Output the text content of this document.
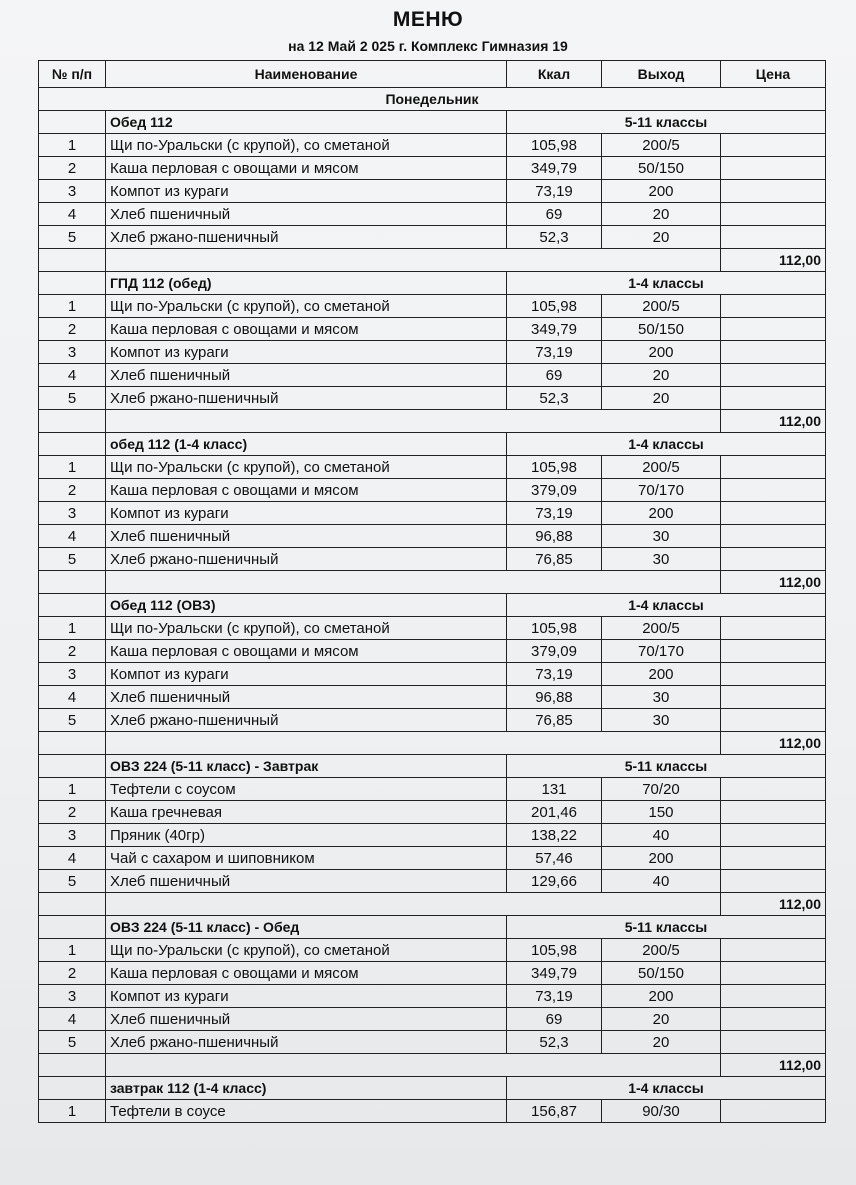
МЕНЮ
на 12 Май 2 025 г. Комплекс Гимназия 19
№ п/п	Наименование	Ккал	Выход	Цена
Понедельник				
	Обед 112	5-11 классы		
1	Щи по-Уральски (с крупой), со сметаной	105,98	200/5	
2	Каша перловая с овощами и мясом	349,79	50/150	
3	Компот из кураги	73,19	200	
4	Хлеб пшеничный	69	20	
5	Хлеб ржано-пшеничный	52,3	20	
				112,00
	ГПД 112 (обед)	1-4 классы		
1	Щи по-Уральски (с крупой), со сметаной	105,98	200/5	
2	Каша перловая с овощами и мясом	349,79	50/150	
3	Компот из кураги	73,19	200	
4	Хлеб пшеничный	69	20	
5	Хлеб ржано-пшеничный	52,3	20	
				112,00
	обед 112 (1-4 класс)	1-4 классы		
1	Щи по-Уральски (с крупой), со сметаной	105,98	200/5	
2	Каша перловая с овощами и мясом	379,09	70/170	
3	Компот из кураги	73,19	200	
4	Хлеб пшеничный	96,88	30	
5	Хлеб ржано-пшеничный	76,85	30	
				112,00
	Обед 112 (ОВЗ)	1-4 классы		
1	Щи по-Уральски (с крупой), со сметаной	105,98	200/5	
2	Каша перловая с овощами и мясом	379,09	70/170	
3	Компот из кураги	73,19	200	
4	Хлеб пшеничный	96,88	30	
5	Хлеб ржано-пшеничный	76,85	30	
				112,00
	ОВЗ 224 (5-11 класс) - Завтрак	5-11 классы		
1	Тефтели с соусом	131	70/20	
2	Каша гречневая	201,46	150	
3	Пряник (40гр)	138,22	40	
4	Чай с сахаром и шиповником	57,46	200	
5	Хлеб пшеничный	129,66	40	
				112,00
	ОВЗ 224 (5-11 класс) - Обед	5-11 классы		
1	Щи по-Уральски (с крупой), со сметаной	105,98	200/5	
2	Каша перловая с овощами и мясом	349,79	50/150	
3	Компот из кураги	73,19	200	
4	Хлеб пшеничный	69	20	
5	Хлеб ржано-пшеничный	52,3	20	
				112,00
	завтрак 112 (1-4 класс)	1-4 классы		
1	Тефтели в соусе	156,87	90/30	
